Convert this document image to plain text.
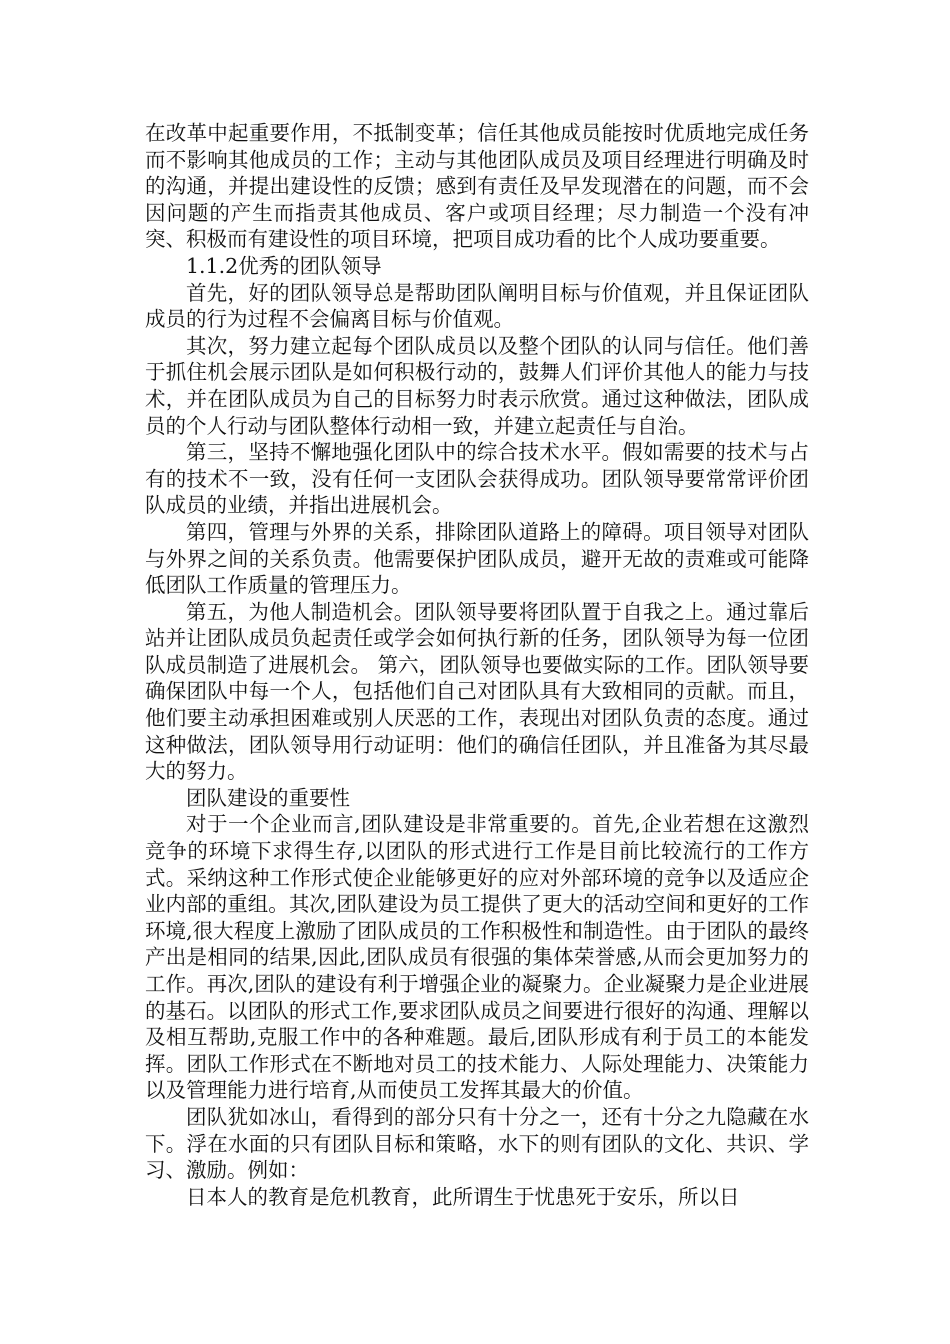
在改革中起重要作用，不抵制变革；信任其他成员能按时优质地完成任务而不影响其他成员的工作；主动与其他团队成员及项目经理进行明确及时的沟通，并提出建设性的反馈；感到有责任及早发现潜在的问题，而不会因问题的产生而指责其他成员、客户或项目经理；尽力制造一个没有冲突、积极而有建设性的项目环境，把项目成功看的比个人成功要重要。

1.1.2优秀的团队领导

首先，好的团队领导总是帮助团队阐明目标与价值观，并且保证团队成员的行为过程不会偏离目标与价值观。

其次，努力建立起每个团队成员以及整个团队的认同与信任。他们善于抓住机会展示团队是如何积极行动的，鼓舞人们评价其他人的能力与技术，并在团队成员为自己的目标努力时表示欣赏。通过这种做法，团队成员的个人行动与团队整体行动相一致，并建立起责任与自治。

第三，坚持不懈地强化团队中的综合技术水平。假如需要的技术与占有的技术不一致，没有任何一支团队会获得成功。团队领导要常常评价团队成员的业绩，并指出进展机会。

第四，管理与外界的关系，排除团队道路上的障碍。项目领导对团队与外界之间的关系负责。他需要保护团队成员，避开无故的责难或可能降低团队工作质量的管理压力。

第五，为他人制造机会。团队领导要将团队置于自我之上。通过靠后站并让团队成员负起责任或学会如何执行新的任务，团队领导为每一位团队成员制造了进展机会。 第六，团队领导也要做实际的工作。团队领导要确保团队中每一个人，包括他们自己对团队具有大致相同的贡献。而且，他们要主动承担困难或别人厌恶的工作，表现出对团队负责的态度。通过这种做法，团队领导用行动证明：他们的确信任团队，并且准备为其尽最大的努力。

团队建设的重要性

对于一个企业而言,团队建设是非常重要的。首先,企业若想在这激烈竞争的环境下求得生存,以团队的形式进行工作是目前比较流行的工作方式。采纳这种工作形式使企业能够更好的应对外部环境的竞争以及适应企业内部的重组。其次,团队建设为员工提供了更大的活动空间和更好的工作环境,很大程度上激励了团队成员的工作积极性和制造性。由于团队的最终产出是相同的结果,因此,团队成员有很强的集体荣誉感,从而会更加努力的工作。再次,团队的建设有利于增强企业的凝聚力。企业凝聚力是企业进展的基石。以团队的形式工作,要求团队成员之间要进行很好的沟通、理解以及相互帮助,克服工作中的各种难题。最后,团队形成有利于员工的本能发挥。团队工作形式在不断地对员工的技术能力、人际处理能力、决策能力以及管理能力进行培育,从而使员工发挥其最大的价值。

团队犹如冰山，看得到的部分只有十分之一，还有十分之九隐藏在水下。浮在水面的只有团队目标和策略，水下的则有团队的文化、共识、学习、激励。例如：

日本人的教育是危机教育，此所谓生于忧患死于安乐，所以日
